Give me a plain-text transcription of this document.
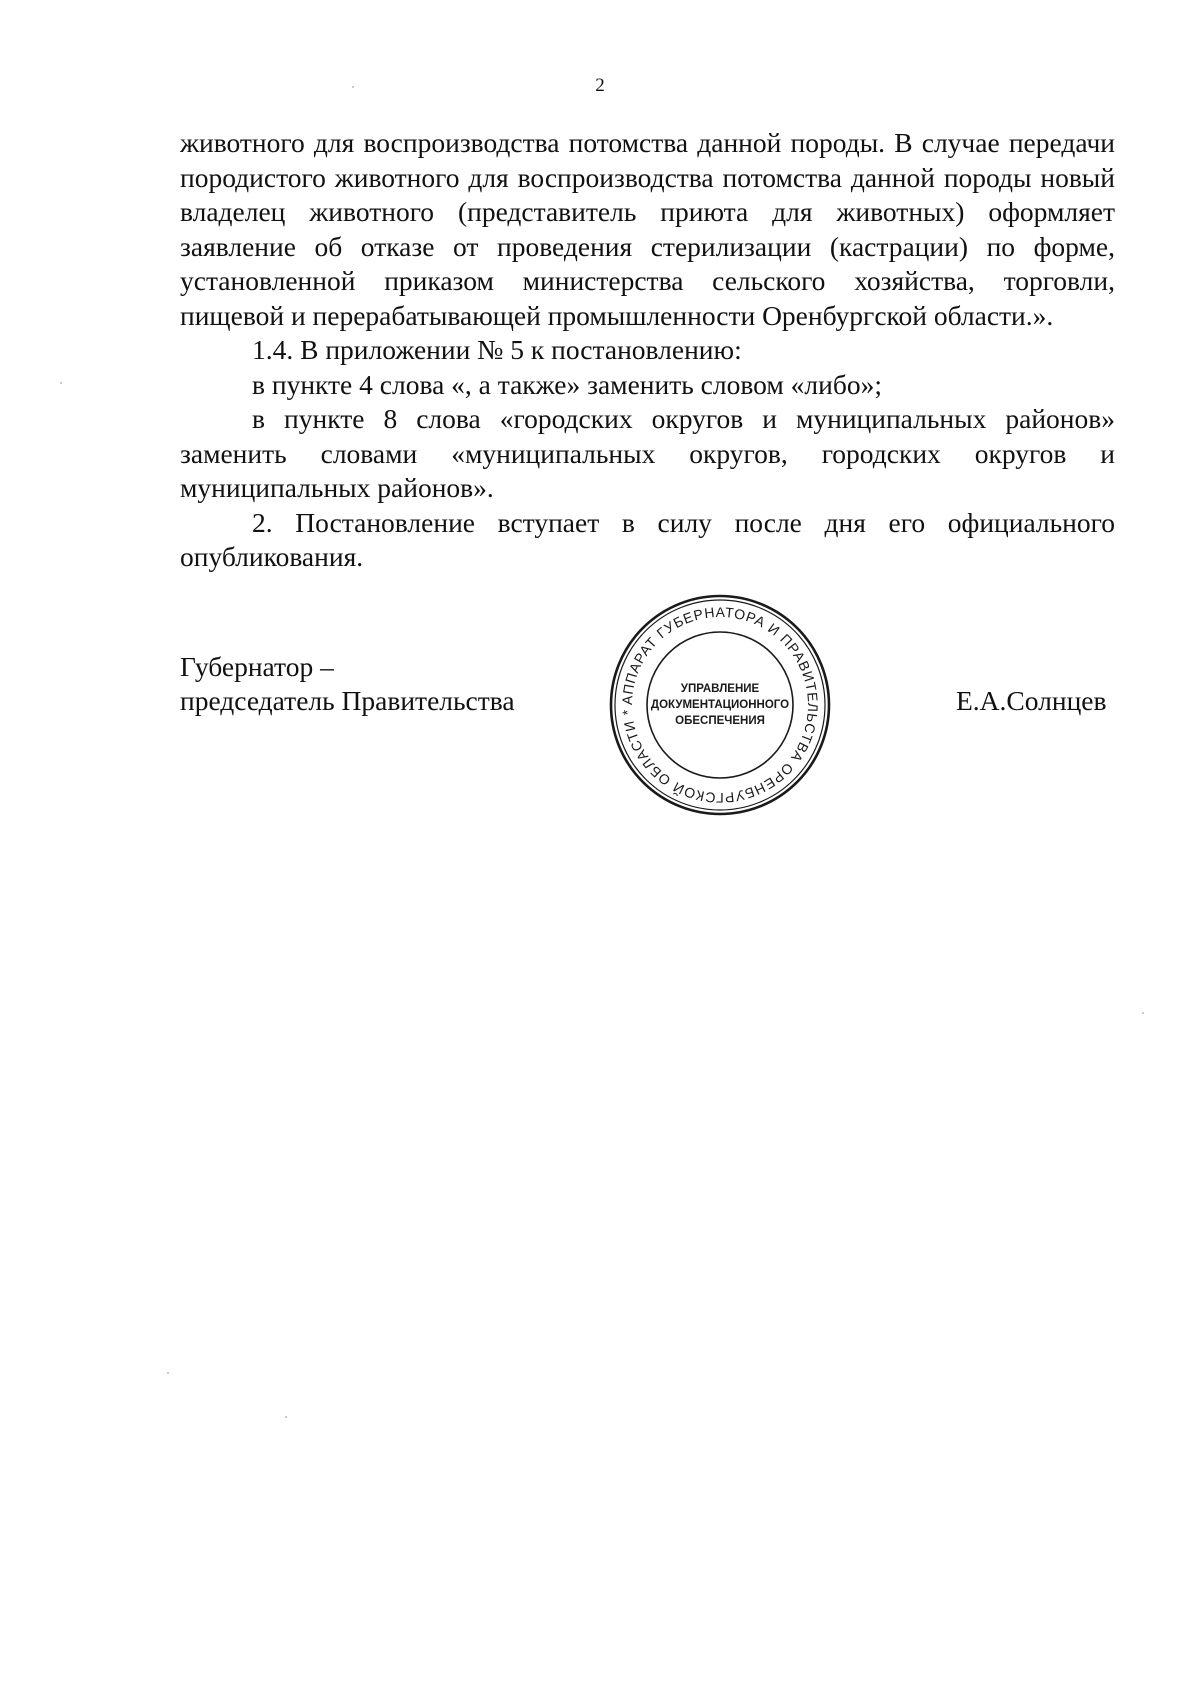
2

животного для воспроизводства потомства данной породы. В случае передачи породистого животного для воспроизводства потомства данной породы новый владелец животного (представитель приюта для животных) оформляет заявление об отказе от проведения стерилизации (кастрации) по форме, установленной приказом министерства сельского хозяйства, торговли, пищевой и перерабатывающей промышленности Оренбургской области.».

1.4. В приложении № 5 к постановлению:

в пункте 4 слова «, а также» заменить словом «либо»;

в пункте 8 слова «городских округов и муниципальных районов» заменить словами «муниципальных округов, городских округов и муниципальных районов».

2. Постановление вступает в силу после дня его официального опубликования.

Губернатор –
председатель Правительства	Е.А.Солнцев
АППАРАТ ГУБЕРНАТОРА И ПРАВИТЕЛЬСТВА ОРЕНБУРГСКОЙ ОБЛАСТИ *
УПРАВЛЕНИЕ
ДОКУМЕНТАЦИОННОГО
ОБЕСПЕЧЕНИЯ
